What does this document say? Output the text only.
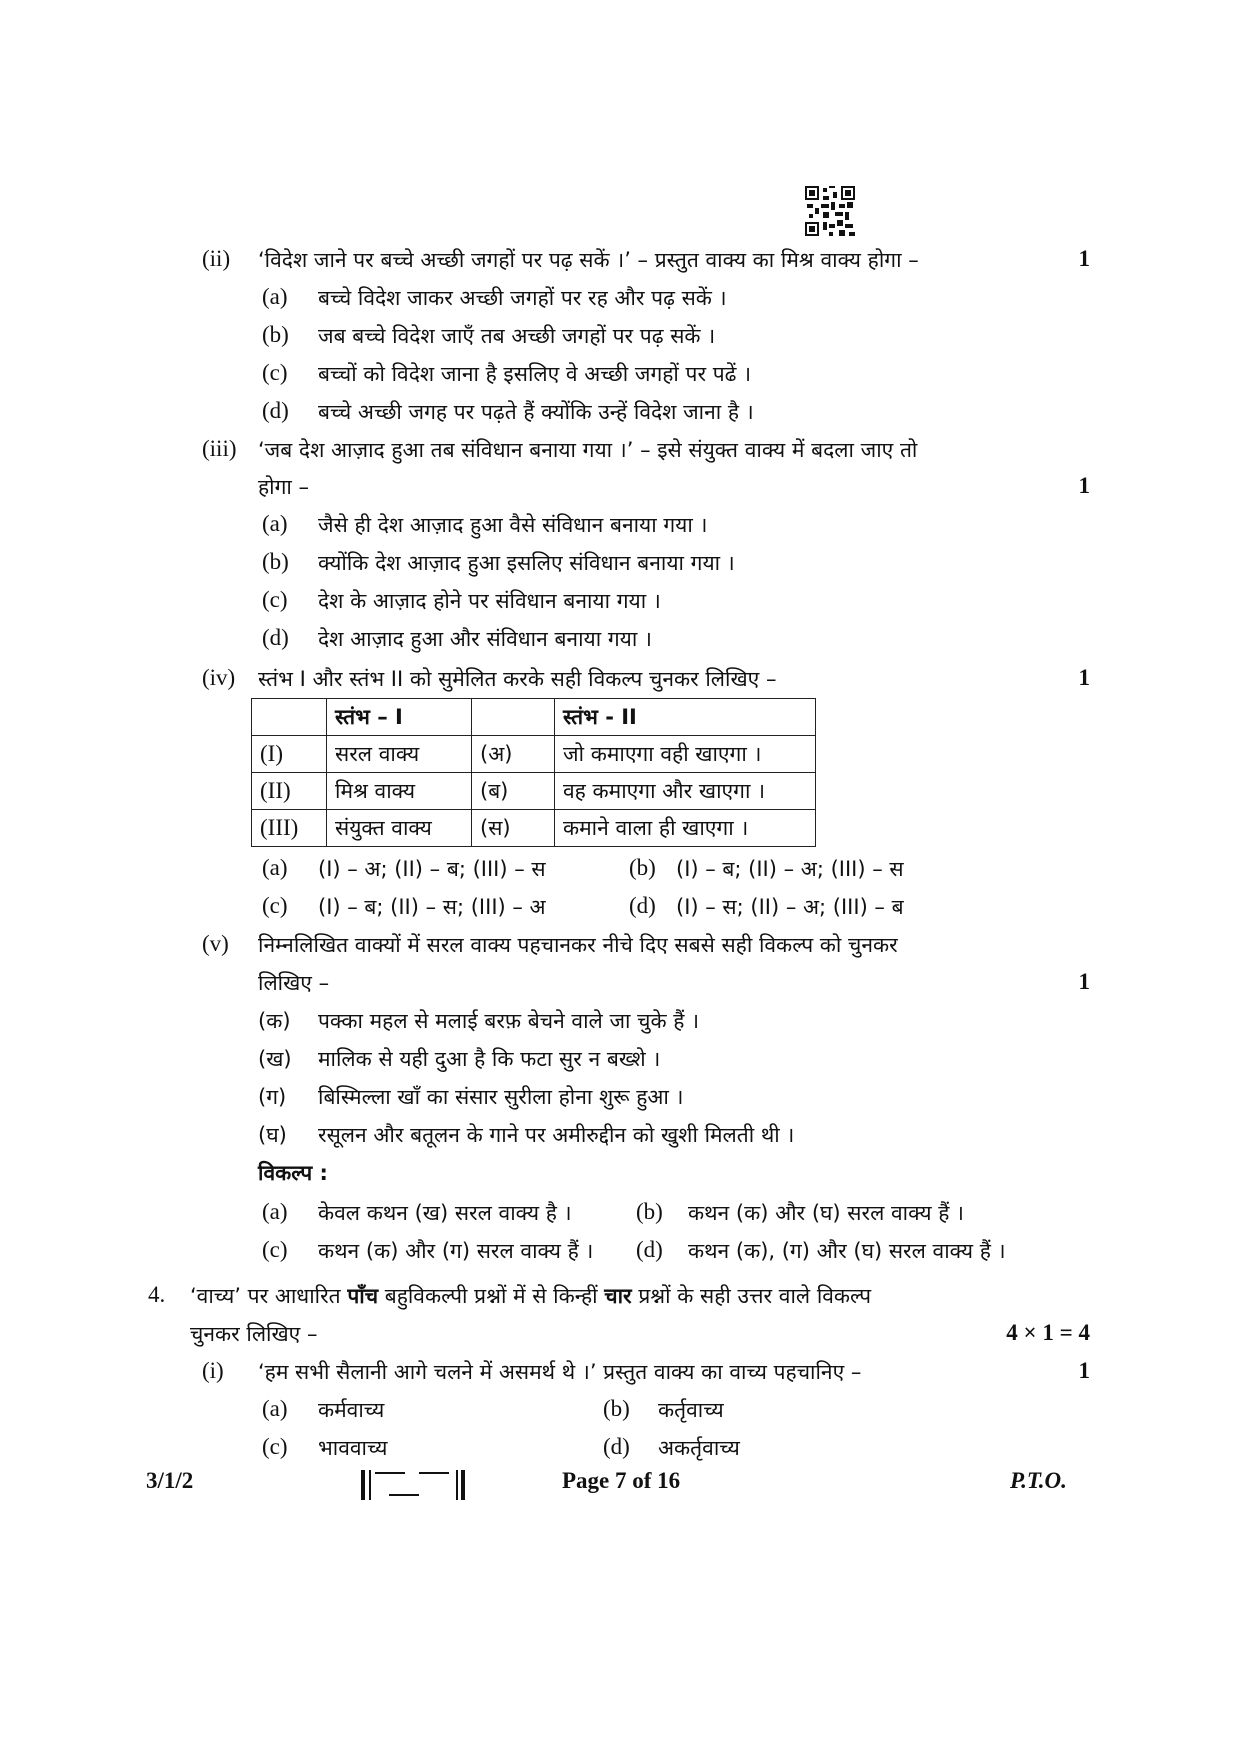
(ii) ‘विदेश जाने पर बच्चे अच्छी जगहों पर पढ़ सकें ।’ – प्रस्तुत वाक्य का मिश्र वाक्य होगा –	1
(a) बच्चे विदेश जाकर अच्छी जगहों पर रह और पढ़ सकें ।
(b) जब बच्चे विदेश जाएँ तब अच्छी जगहों पर पढ़ सकें ।
(c) बच्चों को विदेश जाना है इसलिए वे अच्छी जगहों पर पढें ।
(d) बच्चे अच्छी जगह पर पढ़ते हैं क्योंकि उन्हें विदेश जाना है ।
(iii) ‘जब देश आज़ाद हुआ तब संविधान बनाया गया ।’ – इसे संयुक्त वाक्य में बदला जाए तो
होगा –	1
(a) जैसे ही देश आज़ाद हुआ वैसे संविधान बनाया गया ।
(b) क्योंकि देश आज़ाद हुआ इसलिए संविधान बनाया गया ।
(c) देश के आज़ाद होने पर संविधान बनाया गया ।
(d) देश आज़ाद हुआ और संविधान बनाया गया ।
(iv) स्तंभ I और स्तंभ II को सुमेलित करके सही विकल्प चुनकर लिखिए –	1
	स्तंभ – I		स्तंभ - II
(I)	सरल वाक्य	(अ)	जो कमाएगा वही खाएगा ।
(II)	मिश्र वाक्य	(ब)	वह कमाएगा और खाएगा ।
(III)	संयुक्त वाक्य	(स)	कमाने वाला ही खाएगा ।
(a) (I) – अ; (II) – ब; (III) – स	(b) (I) – ब; (II) – अ; (III) – स
(c) (I) – ब; (II) – स; (III) – अ	(d) (I) – स; (II) – अ; (III) – ब
(v) निम्नलिखित वाक्यों में सरल वाक्य पहचानकर नीचे दिए सबसे सही विकल्प को चुनकर
लिखिए –	1
(क) पक्का महल से मलाई बरफ़ बेचने वाले जा चुके हैं ।
(ख) मालिक से यही दुआ है कि फटा सुर न बख्शे ।
(ग) बिस्मिल्ला खाँ का संसार सुरीला होना शुरू हुआ ।
(घ) रसूलन और बतूलन के गाने पर अमीरुद्दीन को खुशी मिलती थी ।
विकल्प :
(a) केवल कथन (ख) सरल वाक्य है ।	(b) कथन (क) और (घ) सरल वाक्य हैं ।
(c) कथन (क) और (ग) सरल वाक्य हैं । (d) कथन (क), (ग) और (घ) सरल वाक्य हैं ।
4. ‘वाच्य’ पर आधारित पाँच बहुविकल्पी प्रश्नों में से किन्हीं चार प्रश्नों के सही उत्तर वाले विकल्प
चुनकर लिखिए –	4 × 1 = 4
(i) ‘हम सभी सैलानी आगे चलने में असमर्थ थे ।’ प्रस्तुत वाक्य का वाच्य पहचानिए –	1
(a) कर्मवाच्य	(b) कर्तृवाच्य
(c) भाववाच्य	(d) अकर्तृवाच्य
3/1/2	Page 7 of 16	P.T.O.
